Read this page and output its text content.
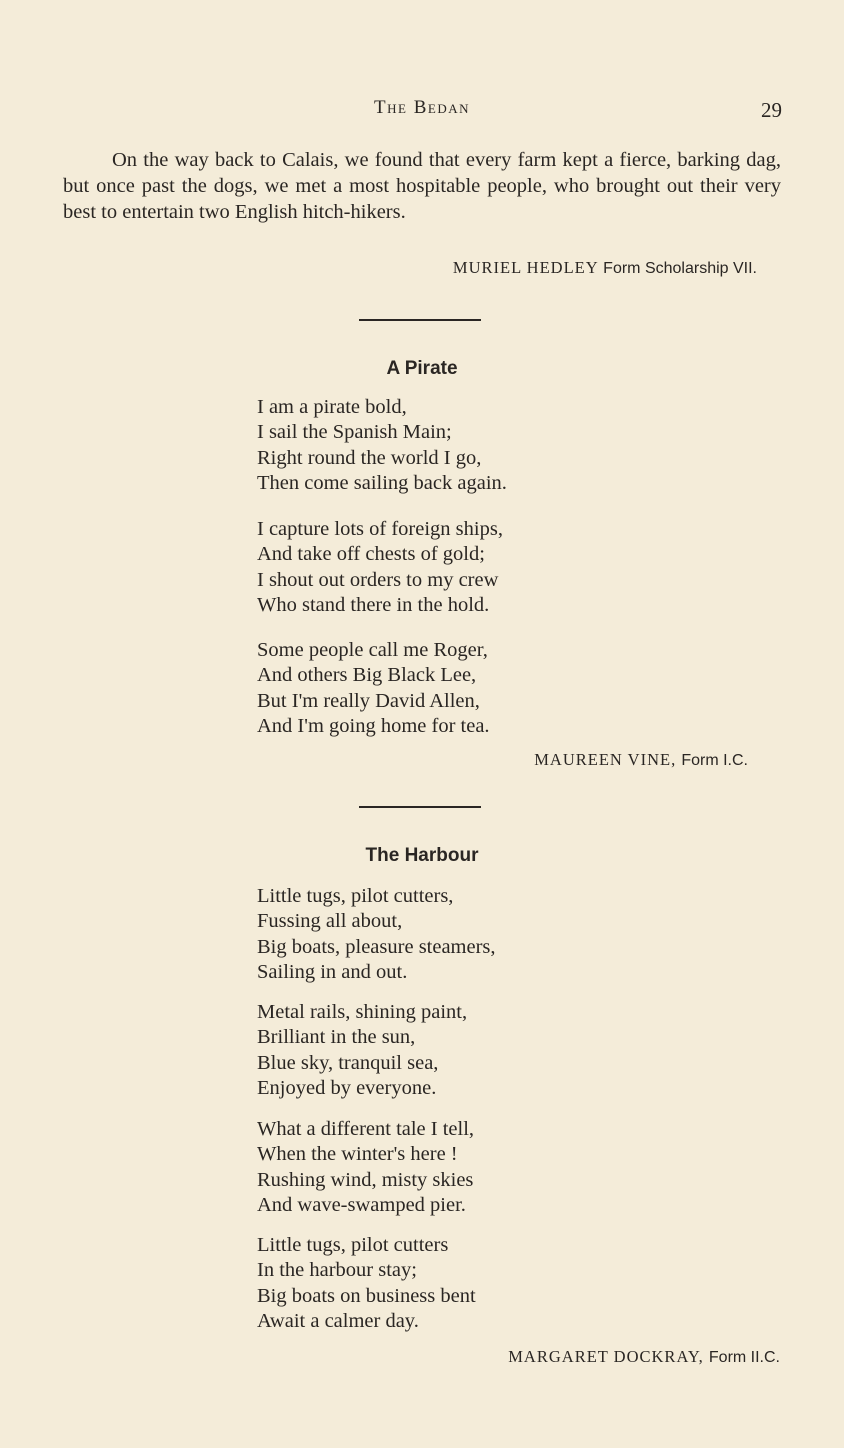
The Bedan	29

On the way back to Calais, we found that every farm kept a fierce, barking dag, but once past the dogs, we met a most hospitable people, who brought out their very best to entertain two English hitch-hikers.

MURIEL HEDLEY Form Scholarship VII.
A Pirate
I am a pirate bold,
I sail the Spanish Main;
Right round the world I go,
Then come sailing back again.
I capture lots of foreign ships,
And take off chests of gold;
I shout out orders to my crew
Who stand there in the hold.
Some people call me Roger,
And others Big Black Lee,
But I'm really David Allen,
And I'm going home for tea.
MAUREEN VINE, Form I.C.
The Harbour
Little tugs, pilot cutters,
Fussing all about,
Big boats, pleasure steamers,
Sailing in and out.
Metal rails, shining paint,
Brilliant in the sun,
Blue sky, tranquil sea,
Enjoyed by everyone.
What a different tale I tell,
When the winter's here !
Rushing wind, misty skies
And wave-swamped pier.
Little tugs, pilot cutters
In the harbour stay;
Big boats on business bent
Await a calmer day.
MARGARET DOCKRAY, Form II.C.
